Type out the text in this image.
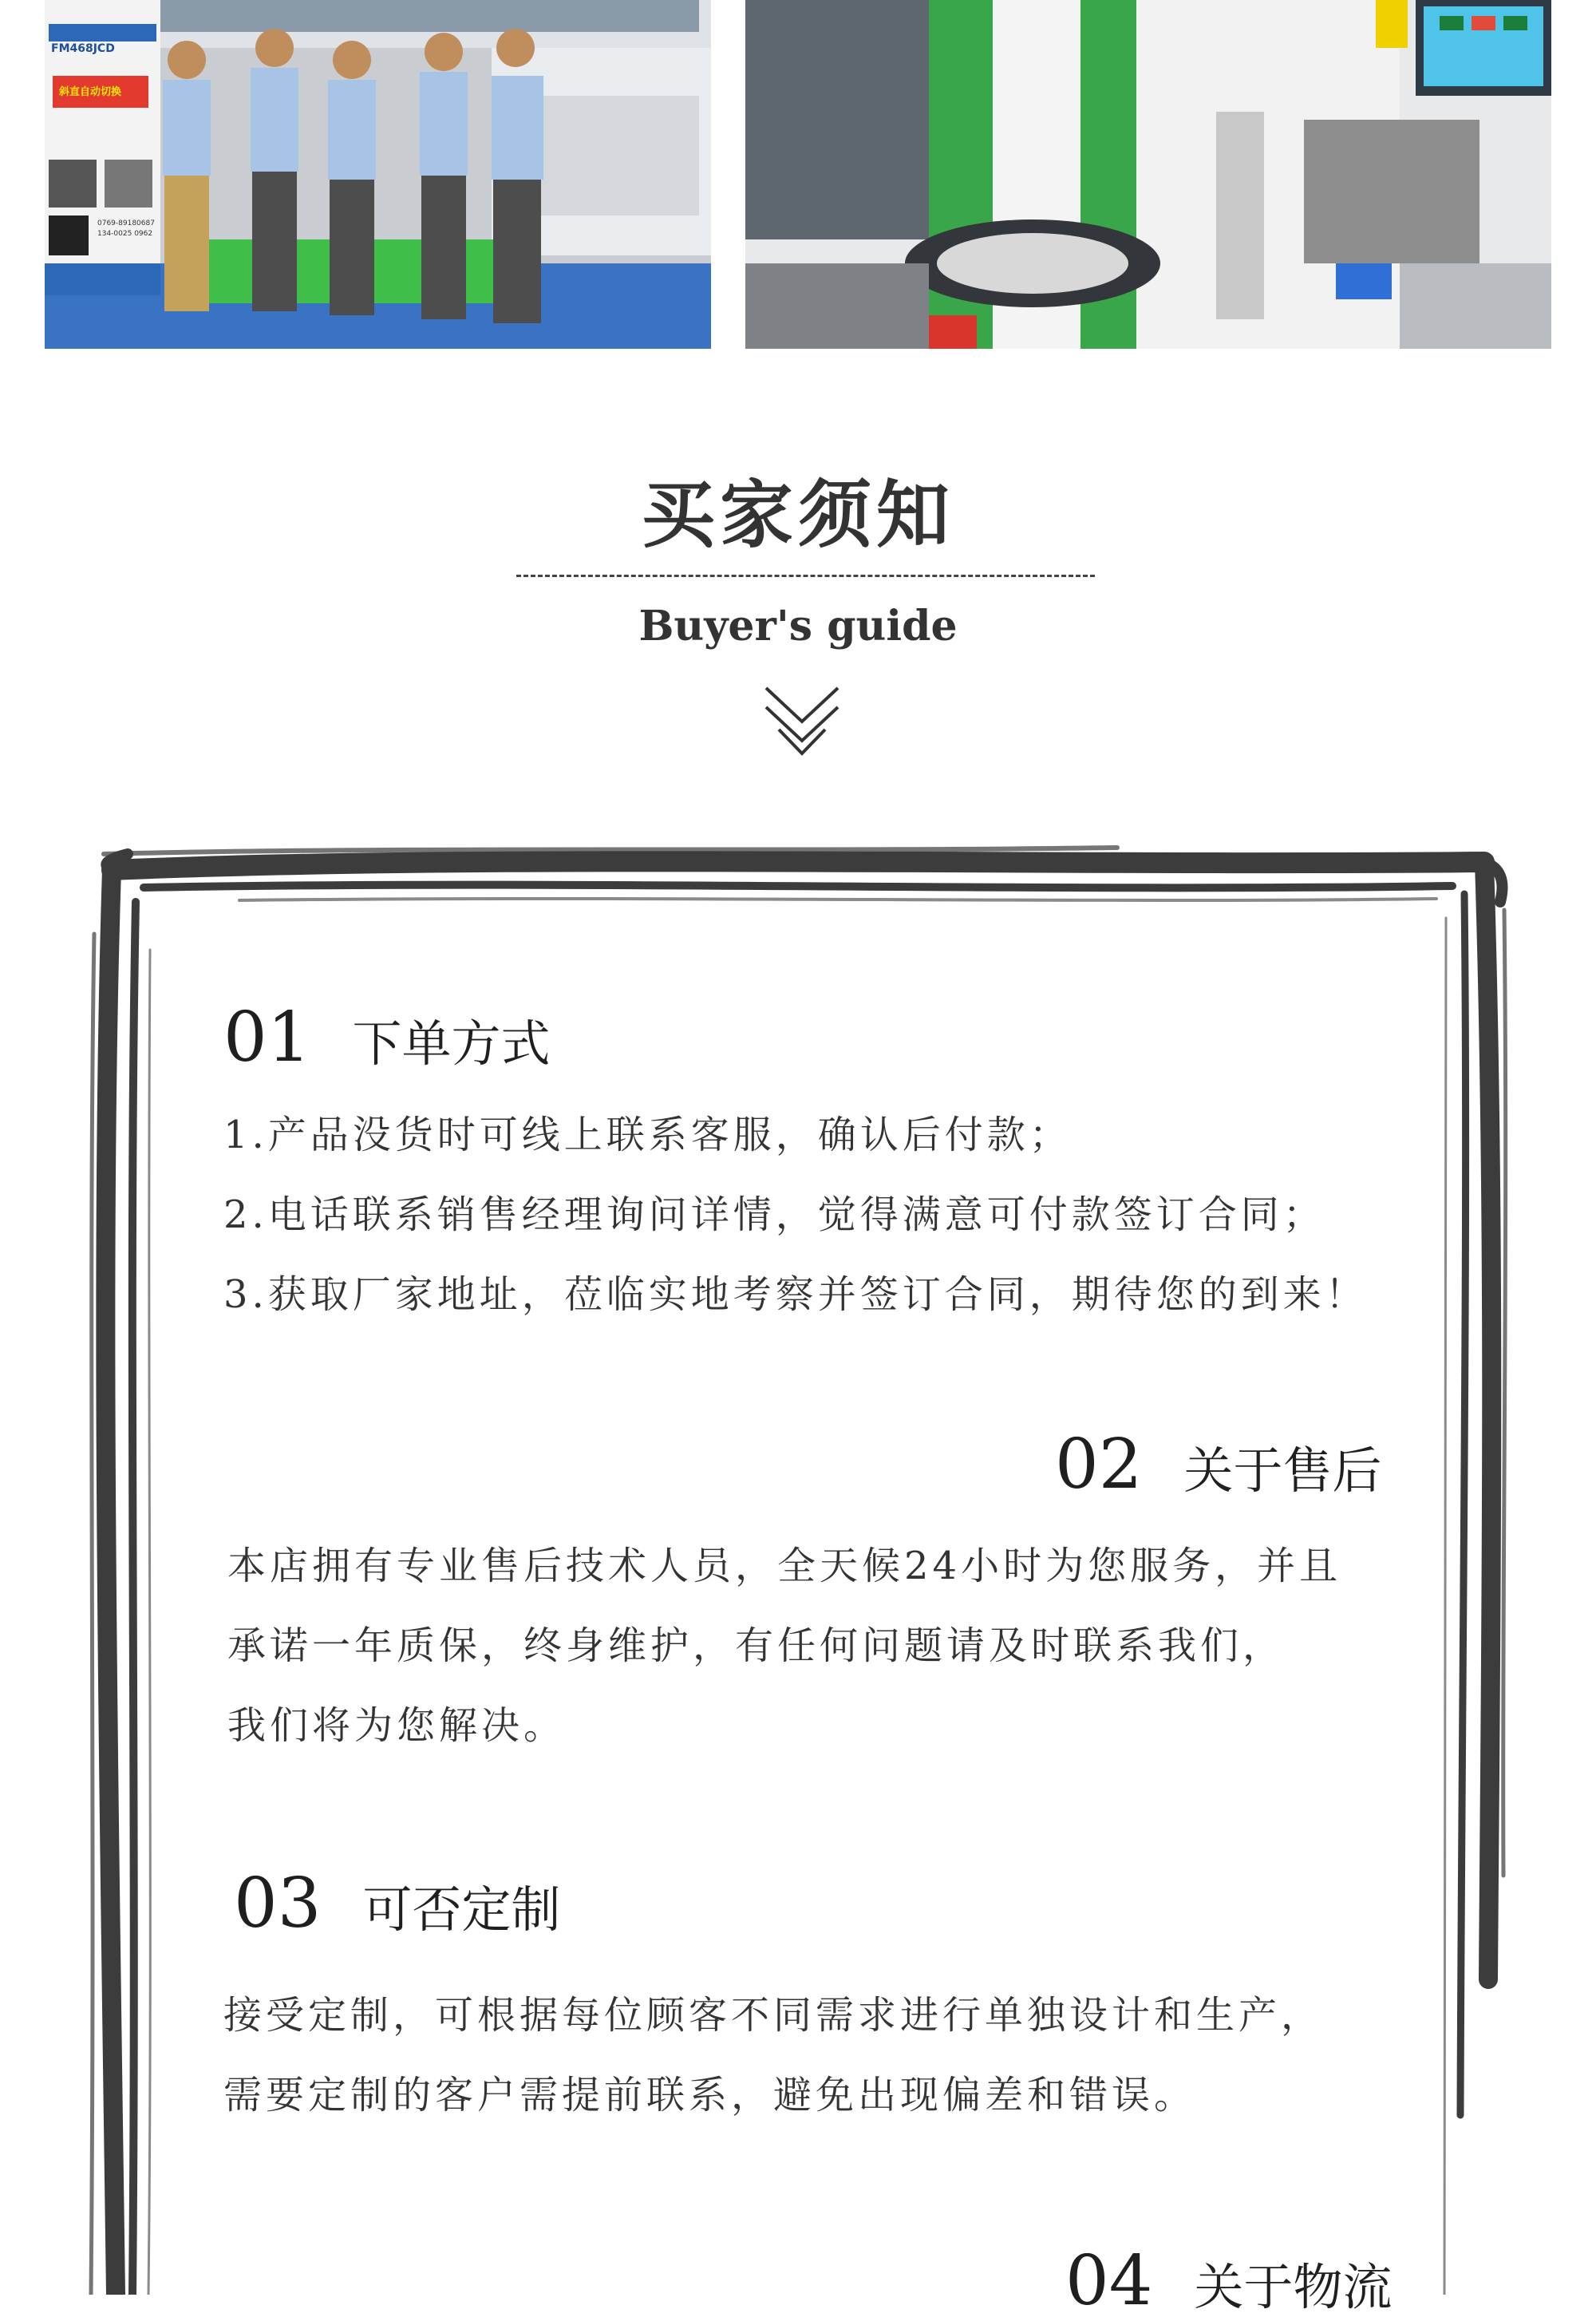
FM468JCD
斜直自动切换
0769-89180687
134-0025 0962
买家须知
Buyer's guide
01 下单方式
1.产品没货时可线上联系客服，确认后付款；
2.电话联系销售经理询问详情，觉得满意可付款签订合同；
3.获取厂家地址，莅临实地考察并签订合同，期待您的到来！
02 关于售后
本店拥有专业售后技术人员，全天候24小时为您服务，并且
承诺一年质保，终身维护，有任何问题请及时联系我们，
我们将为您解决。
03 可否定制
接受定制，可根据每位顾客不同需求进行单独设计和生产，
需要定制的客户需提前联系，避免出现偏差和错误。
04 关于物流
